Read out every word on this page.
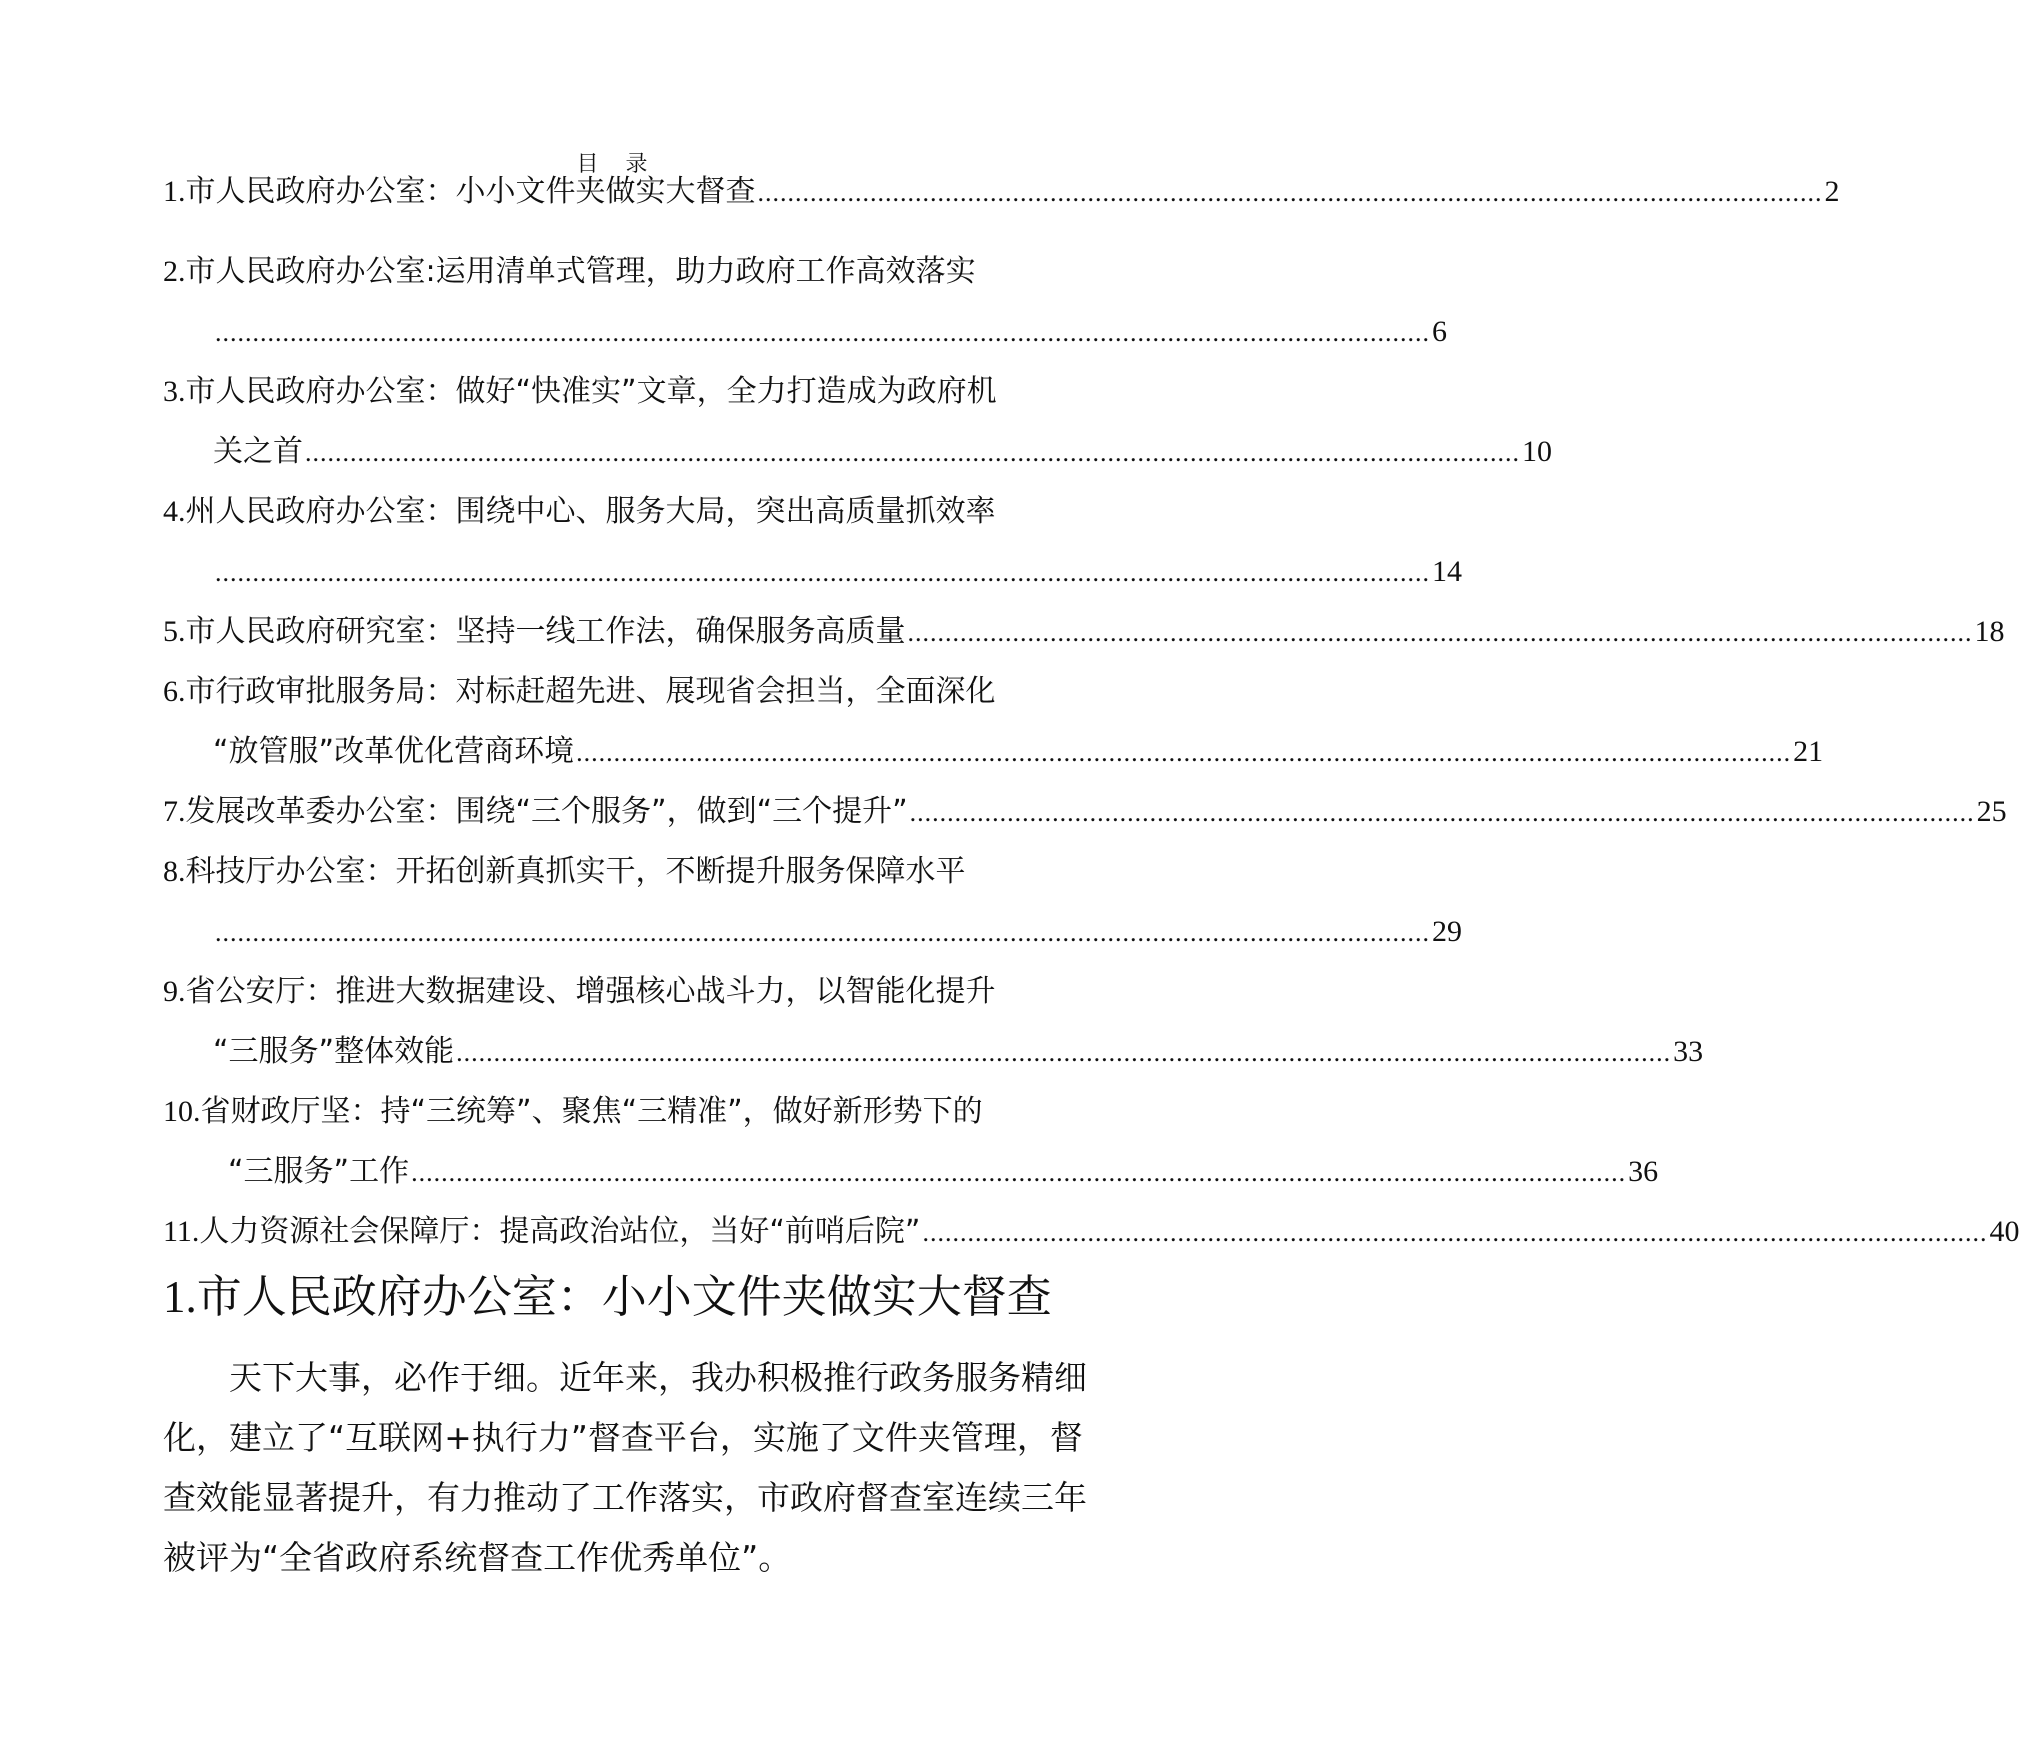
目 录
1.市人民政府办公室：小小文件夹做实大督查 .............................................................................................................................................. 2
2.市人民政府办公室:运用清单式管理，助力政府工作高效落实
.................................................................................................................................................................. 6
3.市人民政府办公室：做好“快准实”文章，全力打造成为政府机
关之首 .................................................................................................................................................................. 10
4.州人民政府办公室：围绕中心、服务大局，突出高质量抓效率
.................................................................................................................................................................. 14
5.市人民政府研究室：坚持一线工作法，确保服务高质量 .............................................................................................................................................. 18
6.市行政审批服务局：对标赶超先进、展现省会担当，全面深化
“放管服”改革优化营商环境 .................................................................................................................................................................. 21
7.发展改革委办公室：围绕“三个服务”，做到“三个提升” .............................................................................................................................................. 25
8.科技厅办公室：开拓创新真抓实干，不断提升服务保障水平
.................................................................................................................................................................. 29
9.省公安厅：推进大数据建设、增强核心战斗力，以智能化提升
“三服务”整体效能 .................................................................................................................................................................. 33
10.省财政厅坚：持“三统筹”、聚焦“三精准”，做好新形势下的
“三服务”工作 .................................................................................................................................................................. 36
11.人力资源社会保障厅：提高政治站位，当好“前哨后院” .............................................................................................................................................. 40
1.市人民政府办公室：小小文件夹做实大督查
天下大事，必作于细。近年来，我办积极推行政务服务精细
化，建立了“互联网+执行力”督查平台，实施了文件夹管理，督
查效能显著提升，有力推动了工作落实，市政府督查室连续三年
被评为“全省政府系统督查工作优秀单位”。
